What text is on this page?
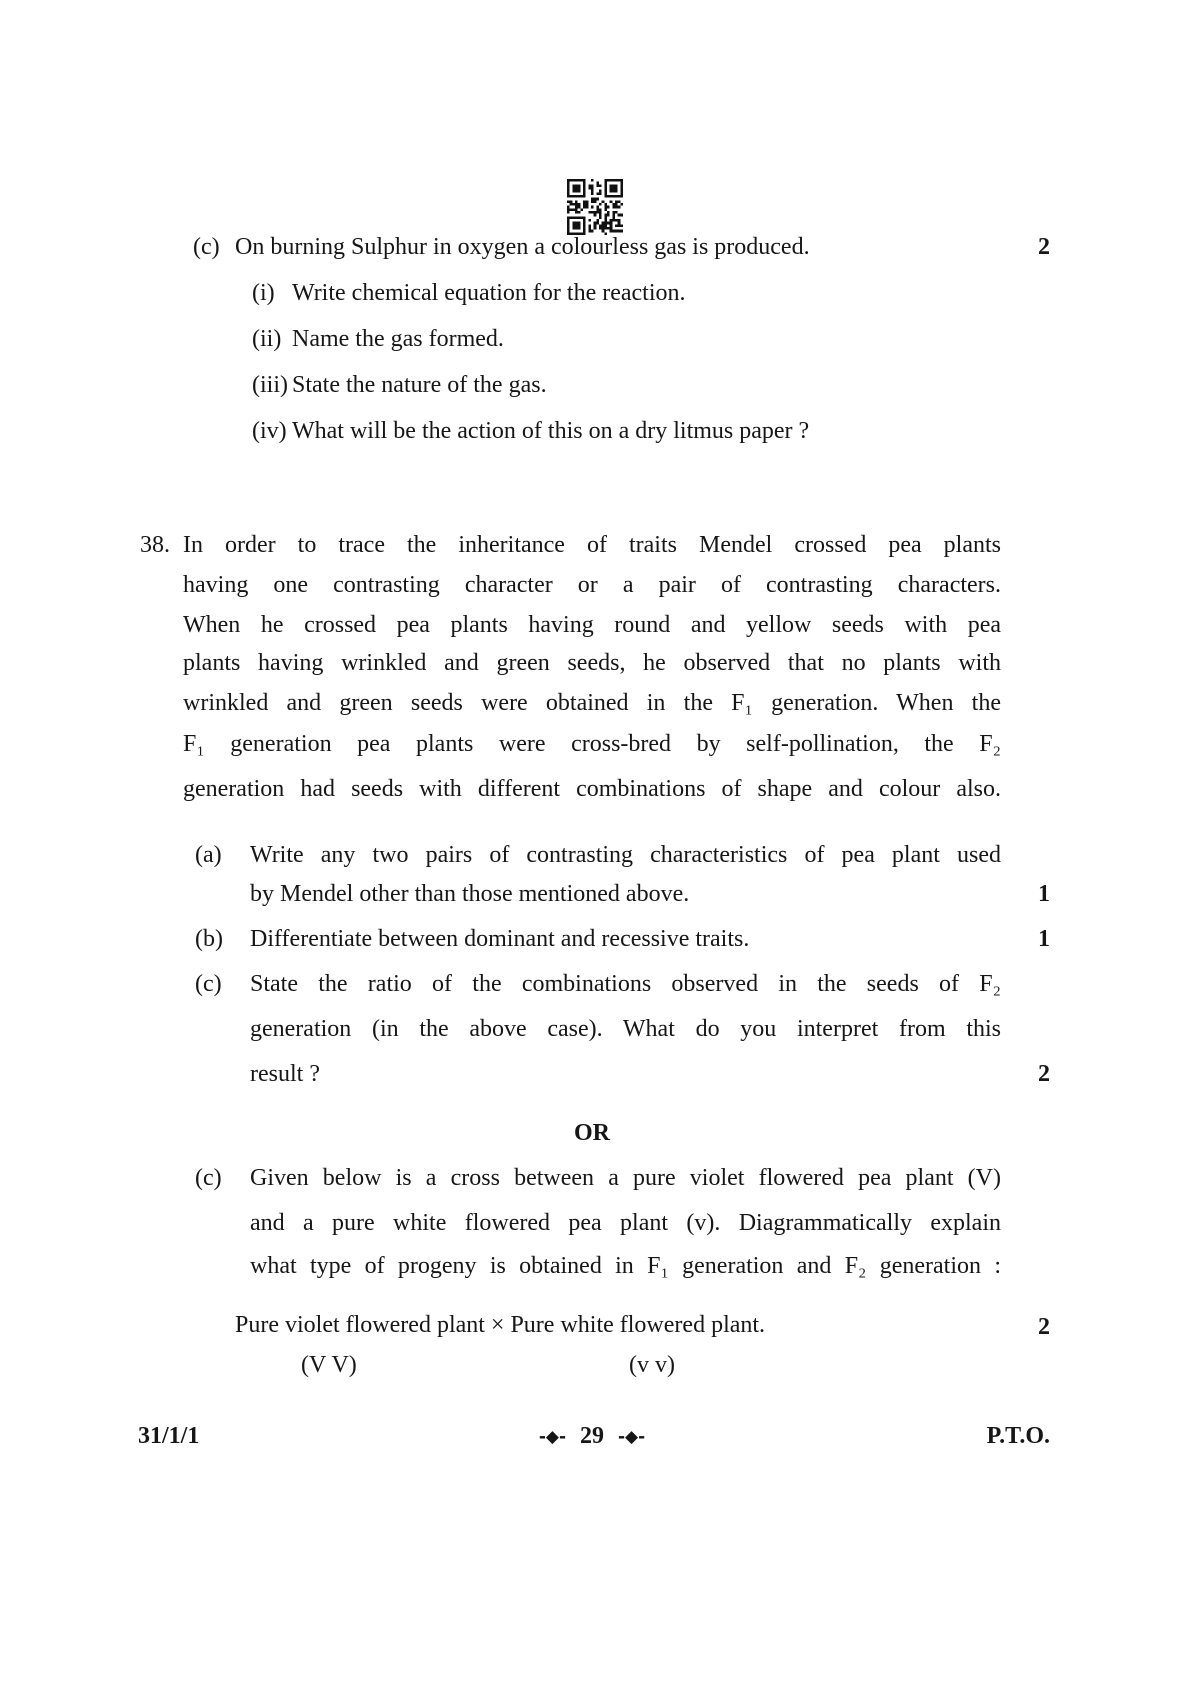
(c) On burning Sulphur in oxygen a colourless gas is produced.	2
(i) Write chemical equation for the reaction.
(ii) Name the gas formed.
(iii) State the nature of the gas.
(iv) What will be the action of this on a dry litmus paper ?
38. In order to trace the inheritance of traits Mendel crossed pea plants
having one contrasting character or a pair of contrasting characters.
When he crossed pea plants having round and yellow seeds with pea
plants having wrinkled and green seeds, he observed that no plants with
wrinkled and green seeds were obtained in the F₁ generation. When the
F₁ generation pea plants were cross-bred by self-pollination, the F₂
generation had seeds with different combinations of shape and colour also.
(a) Write any two pairs of contrasting characteristics of pea plant used
by Mendel other than those mentioned above.	1
(b) Differentiate between dominant and recessive traits.	1
(c) State the ratio of the combinations observed in the seeds of F₂
generation (in the above case). What do you interpret from this
result ?	2
OR
(c) Given below is a cross between a pure violet flowered pea plant (V)
and a pure white flowered pea plant (v). Diagrammatically explain
what type of progeny is obtained in F₁ generation and F₂ generation :
Pure violet flowered plant × Pure white flowered plant.	2
(V V)	(v v)
31/1/1	-◆- 29 -◆-	P.T.O.
